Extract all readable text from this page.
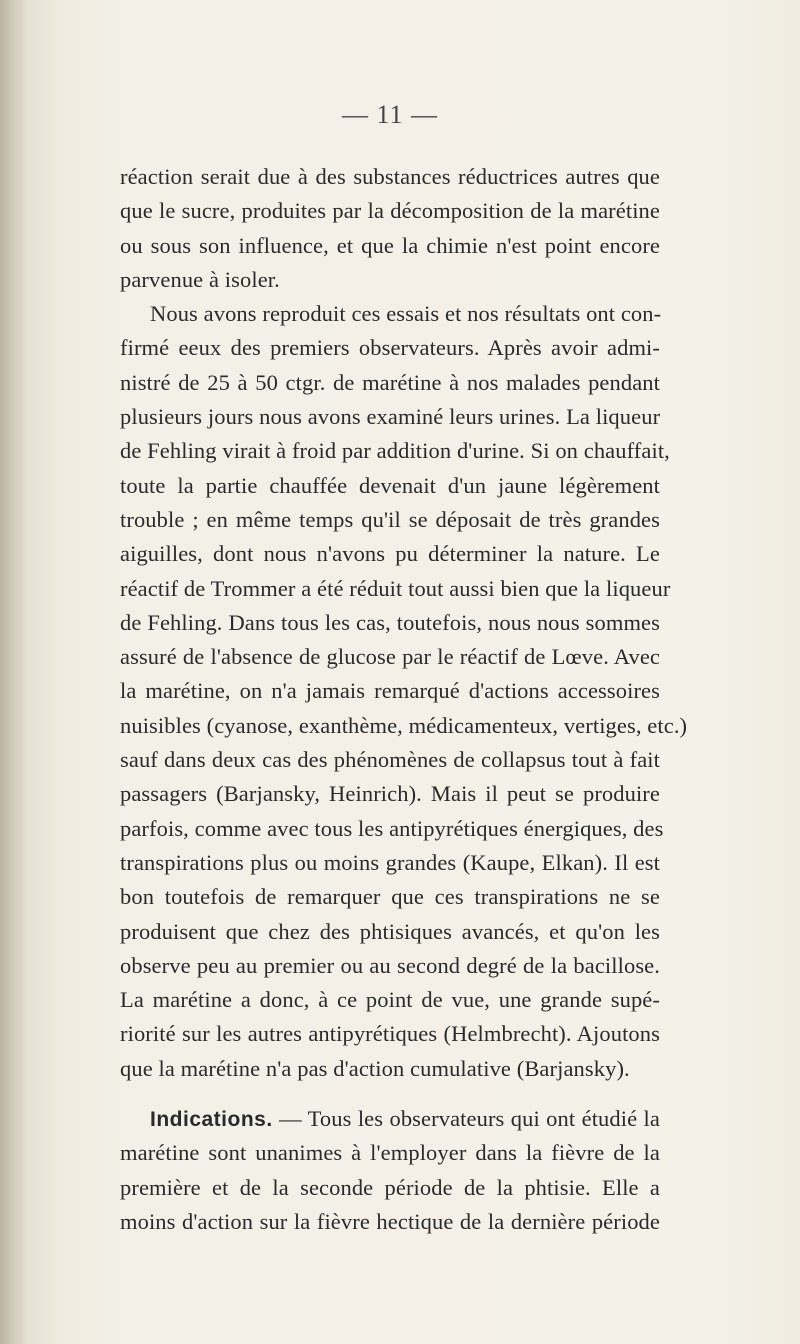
— 11 —
réaction serait due à des substances réductrices autres que
que le sucre, produites par la décomposition de la marétine
ou sous son influence, et que la chimie n'est point encore
parvenue à isoler.
Nous avons reproduit ces essais et nos résultats ont con-
firmé eeux des premiers observateurs. Après avoir admi-
nistré de 25 à 50 ctgr. de marétine à nos malades pendant
plusieurs jours nous avons examiné leurs urines. La liqueur
de Fehling virait à froid par addition d'urine. Si on chauffait,
toute la partie chauffée devenait d'un jaune légèrement
trouble ; en même temps qu'il se déposait de très grandes
aiguilles, dont nous n'avons pu déterminer la nature. Le
réactif de Trommer a été réduit tout aussi bien que la liqueur
de Fehling. Dans tous les cas, toutefois, nous nous sommes
assuré de l'absence de glucose par le réactif de Lœve. Avec
la marétine, on n'a jamais remarqué d'actions accessoires
nuisibles (cyanose, exanthème, médicamenteux, vertiges, etc.)
sauf dans deux cas des phénomènes de collapsus tout à fait
passagers (Barjansky, Heinrich). Mais il peut se produire
parfois, comme avec tous les antipyrétiques énergiques, des
transpirations plus ou moins grandes (Kaupe, Elkan). Il est
bon toutefois de remarquer que ces transpirations ne se
produisent que chez des phtisiques avancés, et qu'on les
observe peu au premier ou au second degré de la bacillose.
La marétine a donc, à ce point de vue, une grande supé-
riorité sur les autres antipyrétiques (Helmbrecht). Ajoutons
que la marétine n'a pas d'action cumulative (Barjansky).
Indications. — Tous les observateurs qui ont étudié la
marétine sont unanimes à l'employer dans la fièvre de la
première et de la seconde période de la phtisie. Elle a
moins d'action sur la fièvre hectique de la dernière période
